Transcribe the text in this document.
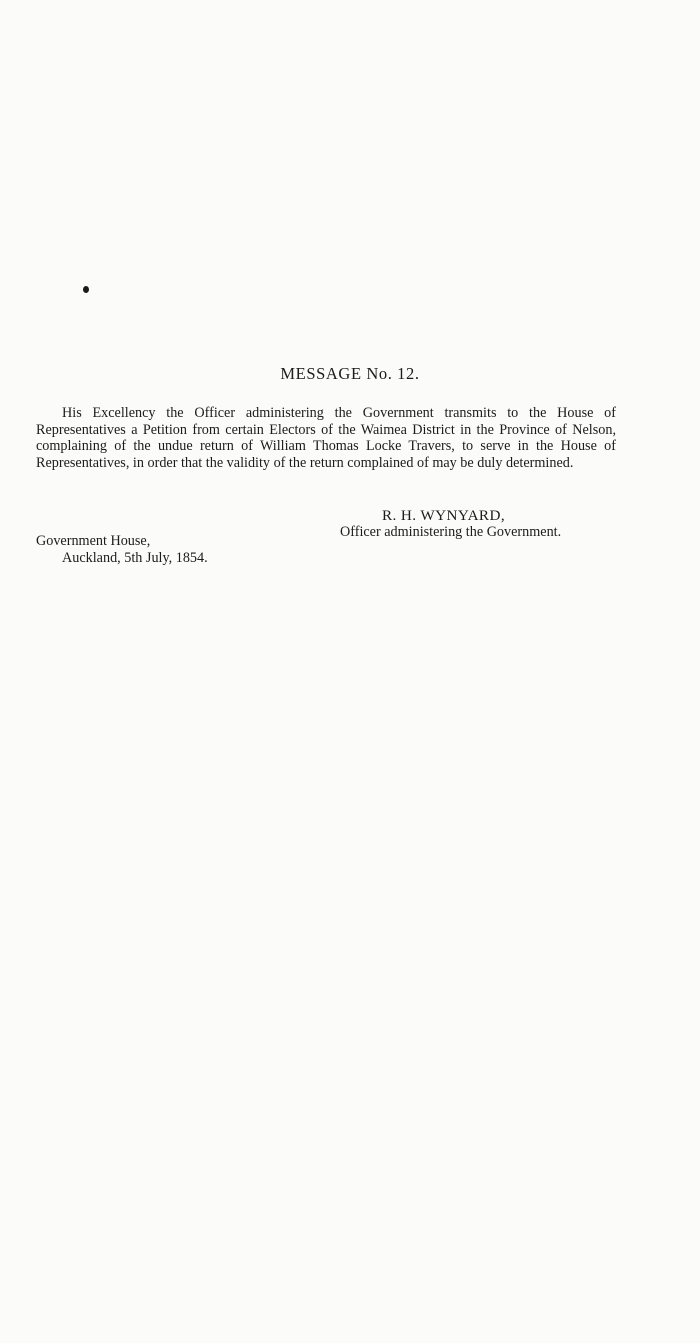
MESSAGE No. 12.

His Excellency the Officer administering the Government transmits to the House of Representatives a Petition from certain Electors of the Waimea District in the Province of Nelson, complaining of the undue return of William Thomas Locke Travers, to serve in the House of Representatives, in order that the validity of the return complained of may be duly determined.

R. H. WYNYARD,
Officer administering the Government.
Government House,
Auckland, 5th July, 1854.
